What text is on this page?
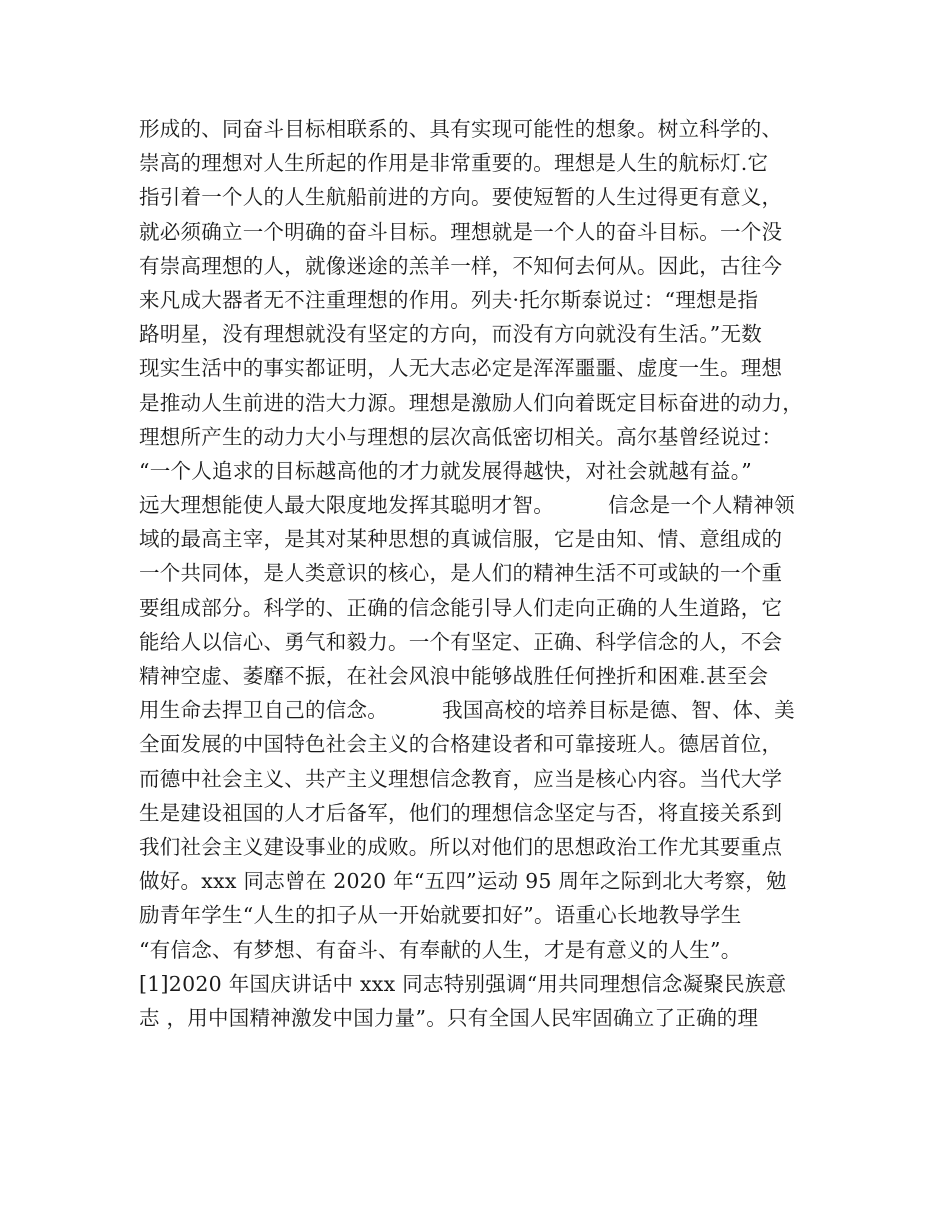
形成的、同奋斗目标相联系的、具有实现可能性的想象。树立科学的、
崇高的理想对人生所起的作用是非常重要的。理想是人生的航标灯.它
指引着一个人的人生航船前进的方向。要使短暂的人生过得更有意义，
就必须确立一个明确的奋斗目标。理想就是一个人的奋斗目标。一个没
有崇高理想的人，就像迷途的羔羊一样，不知何去何从。因此，古往今
来凡成大器者无不注重理想的作用。列夫·托尔斯泰说过：“理想是指
路明星，没有理想就没有坚定的方向，而没有方向就没有生活。”无数
现实生活中的事实都证明，人无大志必定是浑浑噩噩、虚度一生。理想
是推动人生前进的浩大力源。理想是激励人们向着既定目标奋进的动力，
理想所产生的动力大小与理想的层次高低密切相关。高尔基曾经说过：
“一个人追求的目标越高他的才力就发展得越快，对社会就越有益。”
远大理想能使人最大限度地发挥其聪明才智。        信念是一个人精神领
域的最高主宰，是其对某种思想的真诚信服，它是由知、情、意组成的
一个共同体，是人类意识的核心，是人们的精神生活不可或缺的一个重
要组成部分。科学的、正确的信念能引导人们走向正确的人生道路，它
能给人以信心、勇气和毅力。一个有坚定、正确、科学信念的人，不会
精神空虚、萎靡不振，在社会风浪中能够战胜任何挫折和困难.甚至会
用生命去捍卫自己的信念。        我国高校的培养目标是德、智、体、美
全面发展的中国特色社会主义的合格建设者和可靠接班人。德居首位，
而德中社会主义、共产主义理想信念教育，应当是核心内容。当代大学
生是建设祖国的人才后备军，他们的理想信念坚定与否，将直接关系到
我们社会主义建设事业的成败。所以对他们的思想政治工作尤其要重点
做好。xxx 同志曾在 2020 年“五四”运动 95 周年之际到北大考察，勉
励青年学生“人生的扣子从一开始就要扣好”。语重心长地教导学生
“有信念、有梦想、有奋斗、有奉献的人生，才是有意义的人生”。
[1]2020 年国庆讲话中 xxx 同志特别强调“用共同理想信念凝聚民族意
志 ，用中国精神激发中国力量”。只有全国人民牢固确立了正确的理
